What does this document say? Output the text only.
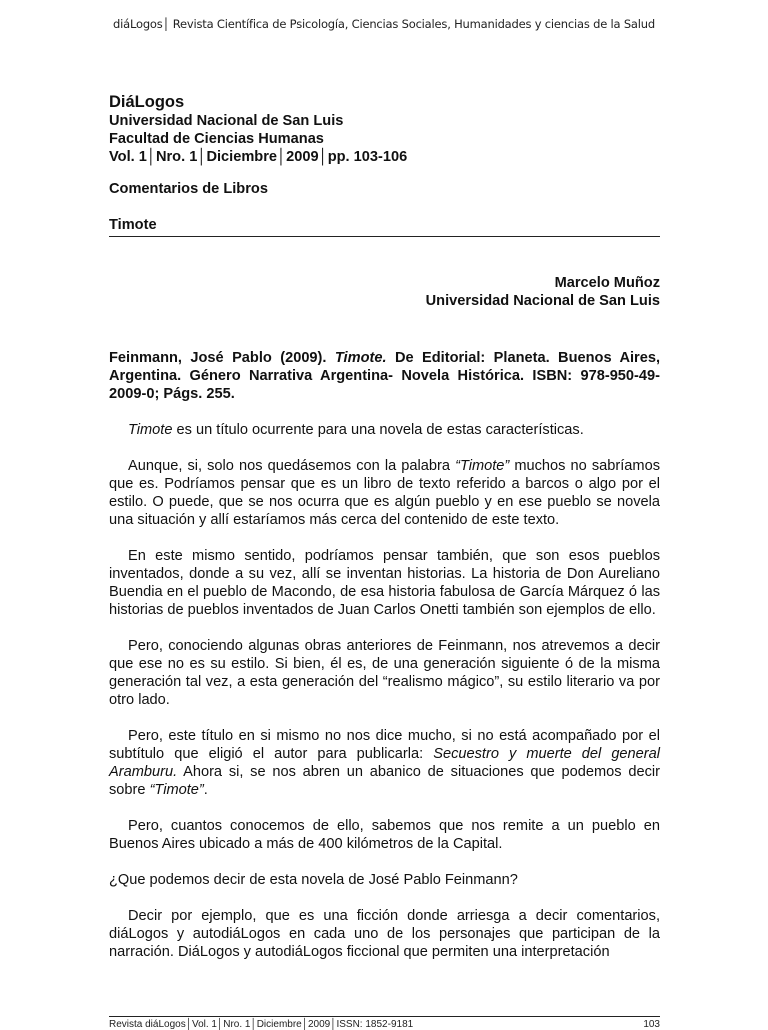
diáLogos│ Revista Científica de Psicología, Ciencias Sociales, Humanidades y ciencias de la Salud
DiáLogos
Universidad Nacional de San Luis
Facultad de Ciencias Humanas
Vol. 1│Nro. 1│Diciembre│2009│pp. 103-106
Comentarios de Libros
Timote
Marcelo Muñoz
Universidad Nacional de San Luis

Feinmann, José Pablo (2009). Timote. De Editorial: Planeta. Buenos Aires, Argentina. Género Narrativa Argentina- Novela Histórica. ISBN: 978-950-49-2009-0; Págs. 255.

Timote es un título ocurrente para una novela de estas características.

Aunque, si, solo nos quedásemos con la palabra “Timote” muchos no sabríamos que es. Podríamos pensar que es un libro de texto referido a barcos o algo por el estilo. O puede, que se nos ocurra que es algún pueblo y en ese pueblo se novela una situación y allí estaríamos más cerca del contenido de este texto.

En este mismo sentido, podríamos pensar también, que son esos pueblos inventados, donde a su vez, allí se inventan historias. La historia de Don Aureliano Buendia en el pueblo de Macondo, de esa historia fabulosa de García Márquez ó las historias de pueblos inventados de Juan Carlos Onetti también son ejemplos de ello.

Pero, conociendo algunas obras anteriores de Feinmann, nos atrevemos a decir que ese no es su estilo. Si bien, él es, de una generación siguiente ó de la misma generación tal vez, a esta generación del “realismo mágico”, su estilo literario va por otro lado.

Pero, este título en si mismo no nos dice mucho, si no está acompañado por el subtítulo que eligió el autor para publicarla: Secuestro y muerte del general Aramburu. Ahora si, se nos abren un abanico de situaciones que podemos decir sobre “Timote”.

Pero, cuantos conocemos de ello, sabemos que nos remite a un pueblo en Buenos Aires ubicado a más de 400 kilómetros de la Capital.

¿Que podemos decir de esta novela de José Pablo Feinmann?

Decir por ejemplo, que es una ficción donde arriesga a decir comentarios, diáLogos y autodiáLogos en cada uno de los personajes que participan de la narración. DiáLogos y autodiáLogos ficcional que permiten una interpretación

Revista diáLogos│Vol. 1│Nro. 1│Diciembre│2009│ISSN: 1852-9181	103
